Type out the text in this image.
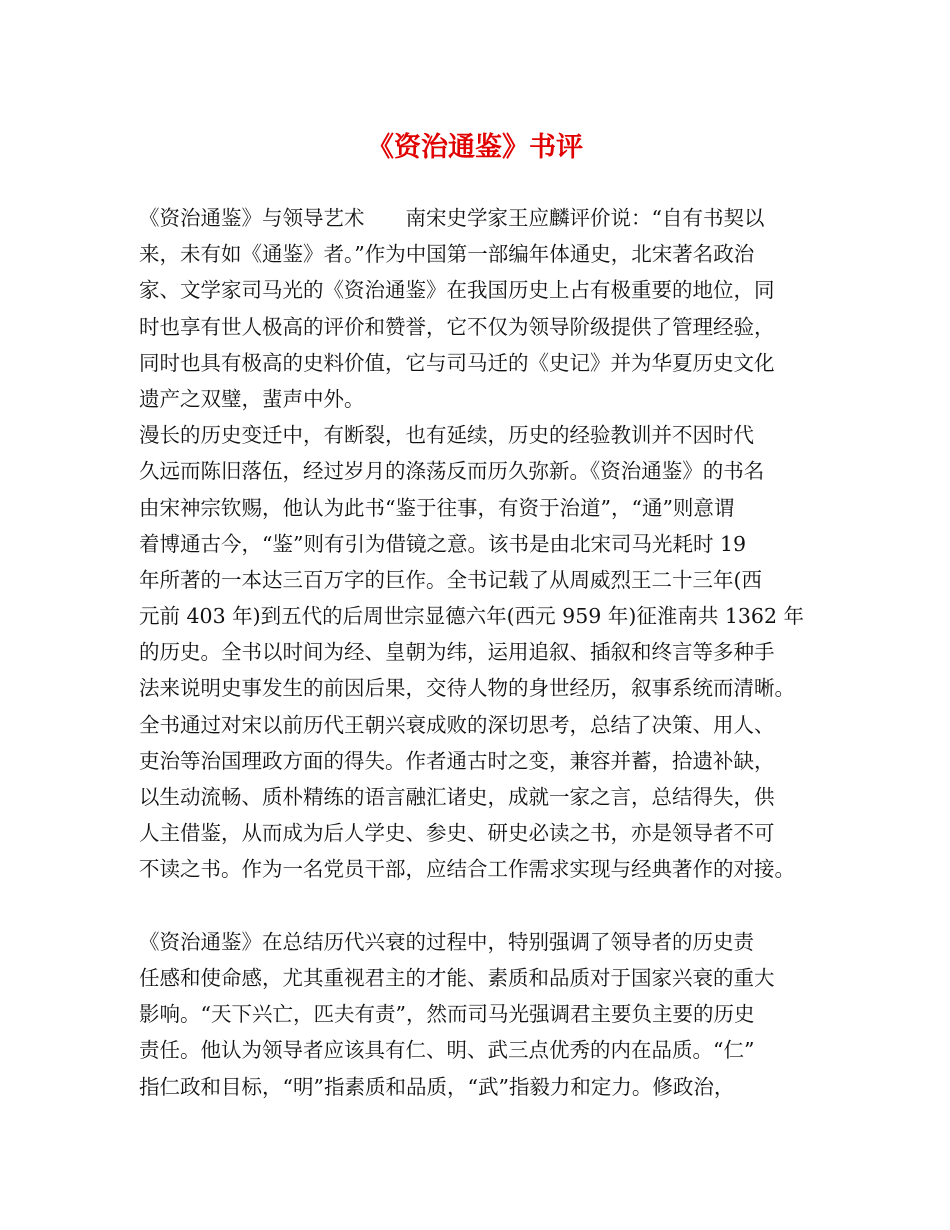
《资治通鉴》书评
《资治通鉴》与领导艺术　　南宋史学家王应麟评价说：“自有书契以
来，未有如《通鉴》者。”作为中国第一部编年体通史，北宋著名政治
家、文学家司马光的《资治通鉴》在我国历史上占有极重要的地位，同
时也享有世人极高的评价和赞誉，它不仅为领导阶级提供了管理经验，
同时也具有极高的史料价值，它与司马迁的《史记》并为华夏历史文化
遗产之双璧，蜚声中外。
漫长的历史变迁中，有断裂，也有延续，历史的经验教训并不因时代
久远而陈旧落伍，经过岁月的涤荡反而历久弥新。《资治通鉴》的书名
由宋神宗钦赐，他认为此书“鉴于往事，有资于治道”，“通”则意谓
着博通古今，“鉴”则有引为借镜之意。该书是由北宋司马光耗时 19
年所著的一本达三百万字的巨作。全书记载了从周威烈王二十三年(西
元前 403 年)到五代的后周世宗显德六年(西元 959 年)征淮南共 1362 年
的历史。全书以时间为经、皇朝为纬，运用追叙、插叙和终言等多种手
法来说明史事发生的前因后果，交待人物的身世经历，叙事系统而清晰。
全书通过对宋以前历代王朝兴衰成败的深切思考，总结了决策、用人、
吏治等治国理政方面的得失。作者通古时之变，兼容并蓄，拾遗补缺，
以生动流畅、质朴精练的语言融汇诸史，成就一家之言，总结得失，供
人主借鉴，从而成为后人学史、参史、研史必读之书，亦是领导者不可
不读之书。作为一名党员干部，应结合工作需求实现与经典著作的对接。
《资治通鉴》在总结历代兴衰的过程中，特别强调了领导者的历史责
任感和使命感，尤其重视君主的才能、素质和品质对于国家兴衰的重大
影响。“天下兴亡，匹夫有责”，然而司马光强调君主要负主要的历史
责任。他认为领导者应该具有仁、明、武三点优秀的内在品质。“仁”
指仁政和目标，“明”指素质和品质，“武”指毅力和定力。修政治，
